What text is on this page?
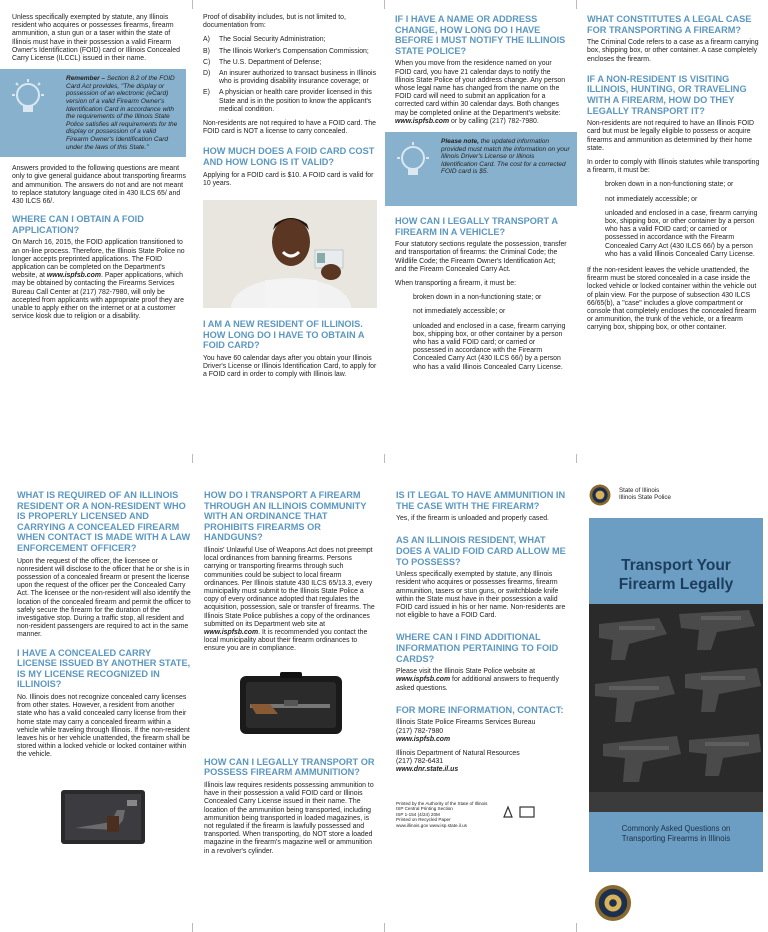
Unless specifically exempted by statute, any Illinois resident who acquires or possesses firearms, firearm ammunition, a stun gun or a taser within the state of Illinois must have in their possession a valid Firearm Owner's Identification (FOID) card or Illinois Concealed Carry License (ILCCL) issued in their name.

Remember – Section 8.2 of the FOID Card Act provides, "The display or possession of an electronic (eCard) version of a valid Firearm Owner's Identification Card in accordance with the requirements of the Illinois State Police satisfies all requirements for the display or possession of a valid Firearm Owner's Identification Card under the laws of this State."

Answers provided to the following questions are meant only to give general guidance about transporting firearms and ammunition. The answers do not and are not meant to replace statutory language cited in 430 ILCS 65/ and 430 ILCS 66/.

WHERE CAN I OBTAIN A FOID APPLICATION?

On March 16, 2015, the FOID application transitioned to an on-line process. Therefore, the Illinois State Police no longer accepts preprinted applications. The FOID application can be completed on the Department's website, at www.ispfsb.com. Paper applications, which may be obtained by contacting the Firearms Services Bureau Call Center at (217) 782-7980, will only be accepted from applicants with appropriate proof they are unable to apply either on the internet or at a customer service kiosk due to religion or a disability.

Proof of disability includes, but is not limited to, documentation from:

A) The Social Security Administration;
B) The Illinois Worker's Compensation Commission;
C) The U.S. Department of Defense;
D) An insurer authorized to transact business in Illinois who is providing disability insurance coverage; or
E) A physician or health care provider licensed in this State and is in the position to know the applicant's medical condition.

Non-residents are not required to have a FOID card. The FOID card is NOT a license to carry concealed.

HOW MUCH DOES A FOID CARD COST AND HOW LONG IS IT VALID?

Applying for a FOID card is $10. A FOID card is valid for 10 years.

I AM A NEW RESIDENT OF ILLINOIS. HOW LONG DO I HAVE TO OBTAIN A FOID CARD?

You have 60 calendar days after you obtain your Illinois Driver's License or Illinois Identification Card, to apply for a FOID card in order to comply with Illinois law.

IF I HAVE A NAME OR ADDRESS CHANGE, HOW LONG DO I HAVE BEFORE I MUST NOTIFY THE ILLINOIS STATE POLICE?

When you move from the residence named on your FOID card, you have 21 calendar days to notify the Illinois State Police of your address change. Any person whose legal name has changed from the name on the FOID card will need to submit an application for a corrected card within 30 calendar days. Both changes may be completed online at the Department's website: www.ispfsb.com or by calling (217) 782-7980.

Please note, the updated information provided must match the information on your Illinois Driver's License or Illinois Identification Card. The cost for a corrected FOID card is $5.
HOW CAN I LEGALLY TRANSPORT A FIREARM IN A VEHICLE?

Four statutory sections regulate the possession, transfer and transportation of firearms: the Criminal Code; the Wildlife Code; the Firearm Owner's Identification Act; and the Firearm Concealed Carry Act.

When transporting a firearm, it must be:

broken down in a non-functioning state; or

not immediately accessible; or

unloaded and enclosed in a case, firearm carrying box, shipping box, or other container by a person who has a valid FOID card; or carried or possessed in accordance with the Firearm Concealed Carry Act (430 ILCS 66/) by a person who has a valid Illinois Concealed Carry License.

WHAT CONSTITUTES A LEGAL CASE FOR TRANSPORTING A FIREARM?

The Criminal Code refers to a case as a firearm carrying box, shipping box, or other container. A case completely encloses the firearm.

IF A NON-RESIDENT IS VISITING ILLINOIS, HUNTING, OR TRAVELING WITH A FIREARM, HOW DO THEY LEGALLY TRANSPORT IT?

Non-residents are not required to have an Illinois FOID card but must be legally eligible to possess or acquire firearms and ammunition as determined by their home state.

In order to comply with Illinois statutes while transporting a firearm, it must be:

broken down in a non-functioning state; or

not immediately accessible; or

unloaded and enclosed in a case, firearm carrying box, shipping box, or other container by a person who has a valid FOID card; or carried or possessed in accordance with the Firearm Concealed Carry Act (430 ILCS 66/) by a person who has a valid Illinois Concealed Carry License.

If the non-resident leaves the vehicle unattended, the firearm must be stored concealed in a case inside the locked vehicle or locked container within the vehicle out of plain view. For the purpose of subsection 430 ILCS 66/65(b), a "case" includes a glove compartment or console that completely encloses the concealed firearm or ammunition, the trunk of the vehicle, or a firearm carrying box, shipping box, or other container.

WHAT IS REQUIRED OF AN ILLINOIS RESIDENT OR A NON-RESIDENT WHO IS PROPERLY LICENSED AND CARRYING A CONCEALED FIREARM WHEN CONTACT IS MADE WITH A LAW ENFORCEMENT OFFICER?

Upon the request of the officer, the licensee or nonresident will disclose to the officer that he or she is in possession of a concealed firearm or present the license upon the request of the officer per the Concealed Carry Act. The licensee or the non-resident will also identify the location of the concealed firearm and permit the officer to safely secure the firearm for the duration of the investigative stop. During a traffic stop, all resident and non-resident passengers are required to act in the same manner.

I HAVE A CONCEALED CARRY LICENSE ISSUED BY ANOTHER STATE, IS MY LICENSE RECOGNIZED IN ILLINOIS?

No. Illinois does not recognize concealed carry licenses from other states. However, a resident from another state who has a valid concealed carry license from their home state may carry a concealed firearm within a vehicle while traveling through Illinois. If the non-resident leaves his or her vehicle unattended, the firearm shall be stored within a locked vehicle or locked container within the vehicle.

HOW DO I TRANSPORT A FIREARM THROUGH AN ILLINOIS COMMUNITY WITH AN ORDINANCE THAT PROHIBITS FIREARMS OR HANDGUNS?

Illinois' Unlawful Use of Weapons Act does not preempt local ordinances from banning firearms. Persons carrying or transporting firearms through such communities could be subject to local firearm ordinances. Per Illinois statute 430 ILCS 65/13.3, every municipality must submit to the Illinois State Police a copy of every ordinance adopted that regulates the acquisition, possession, sale or transfer of firearms. The Illinois State Police publishes a copy of the ordinances submitted on its Department web site at www.ispfsb.com. It is recommended you contact the local municipality about their firearm ordinances to ensure you are in compliance.

HOW CAN I LEGALLY TRANSPORT OR POSSESS FIREARM AMMUNITION?

Illinois law requires residents possessing ammunition to have in their possession a valid FOID card or Illinois Concealed Carry License issued in their name. The location of the ammunition being transported, including ammunition being transported in loaded magazines, is not regulated if the firearm is lawfully possessed and transported. When transporting, do NOT store a loaded magazine in the firearm's magazine well or ammunition in a revolver's cylinder.

IS IT LEGAL TO HAVE AMMUNITION IN THE CASE WITH THE FIREARM?

Yes, if the firearm is unloaded and properly cased.

AS AN ILLINOIS RESIDENT, WHAT DOES A VALID FOID CARD ALLOW ME TO POSSESS?

Unless specifically exempted by statute, any Illinois resident who acquires or possesses firearms, firearm ammunition, tasers or stun guns, or switchblade knife within the State must have in their possession a valid FOID card issued in his or her name. Non-residents are not eligible to have a FOID Card.

WHERE CAN I FIND ADDITIONAL INFORMATION PERTAINING TO FOID CARDS?

Please visit the Illinois State Police website at www.ispfsb.com for additional answers to frequently asked questions.

FOR MORE INFORMATION, CONTACT:
Illinois State Police Firearms Services Bureau
(217) 782-7980
www.ispfsb.com
Illinois Department of Natural Resources
(217) 782-6431
www.dnr.state.il.us
Printed by the Authority of the State of Illinois
ISP Central Printing Section
ISP 1-154 (4/24) 20M
Printed on Recycled Paper
www.illinois.gov www.isp.state.il.us
State of Illinois
Illinois State Police
Transport Your
Firearm Legally
Commonly Asked Questions on
Transporting Firearms in Illinois
